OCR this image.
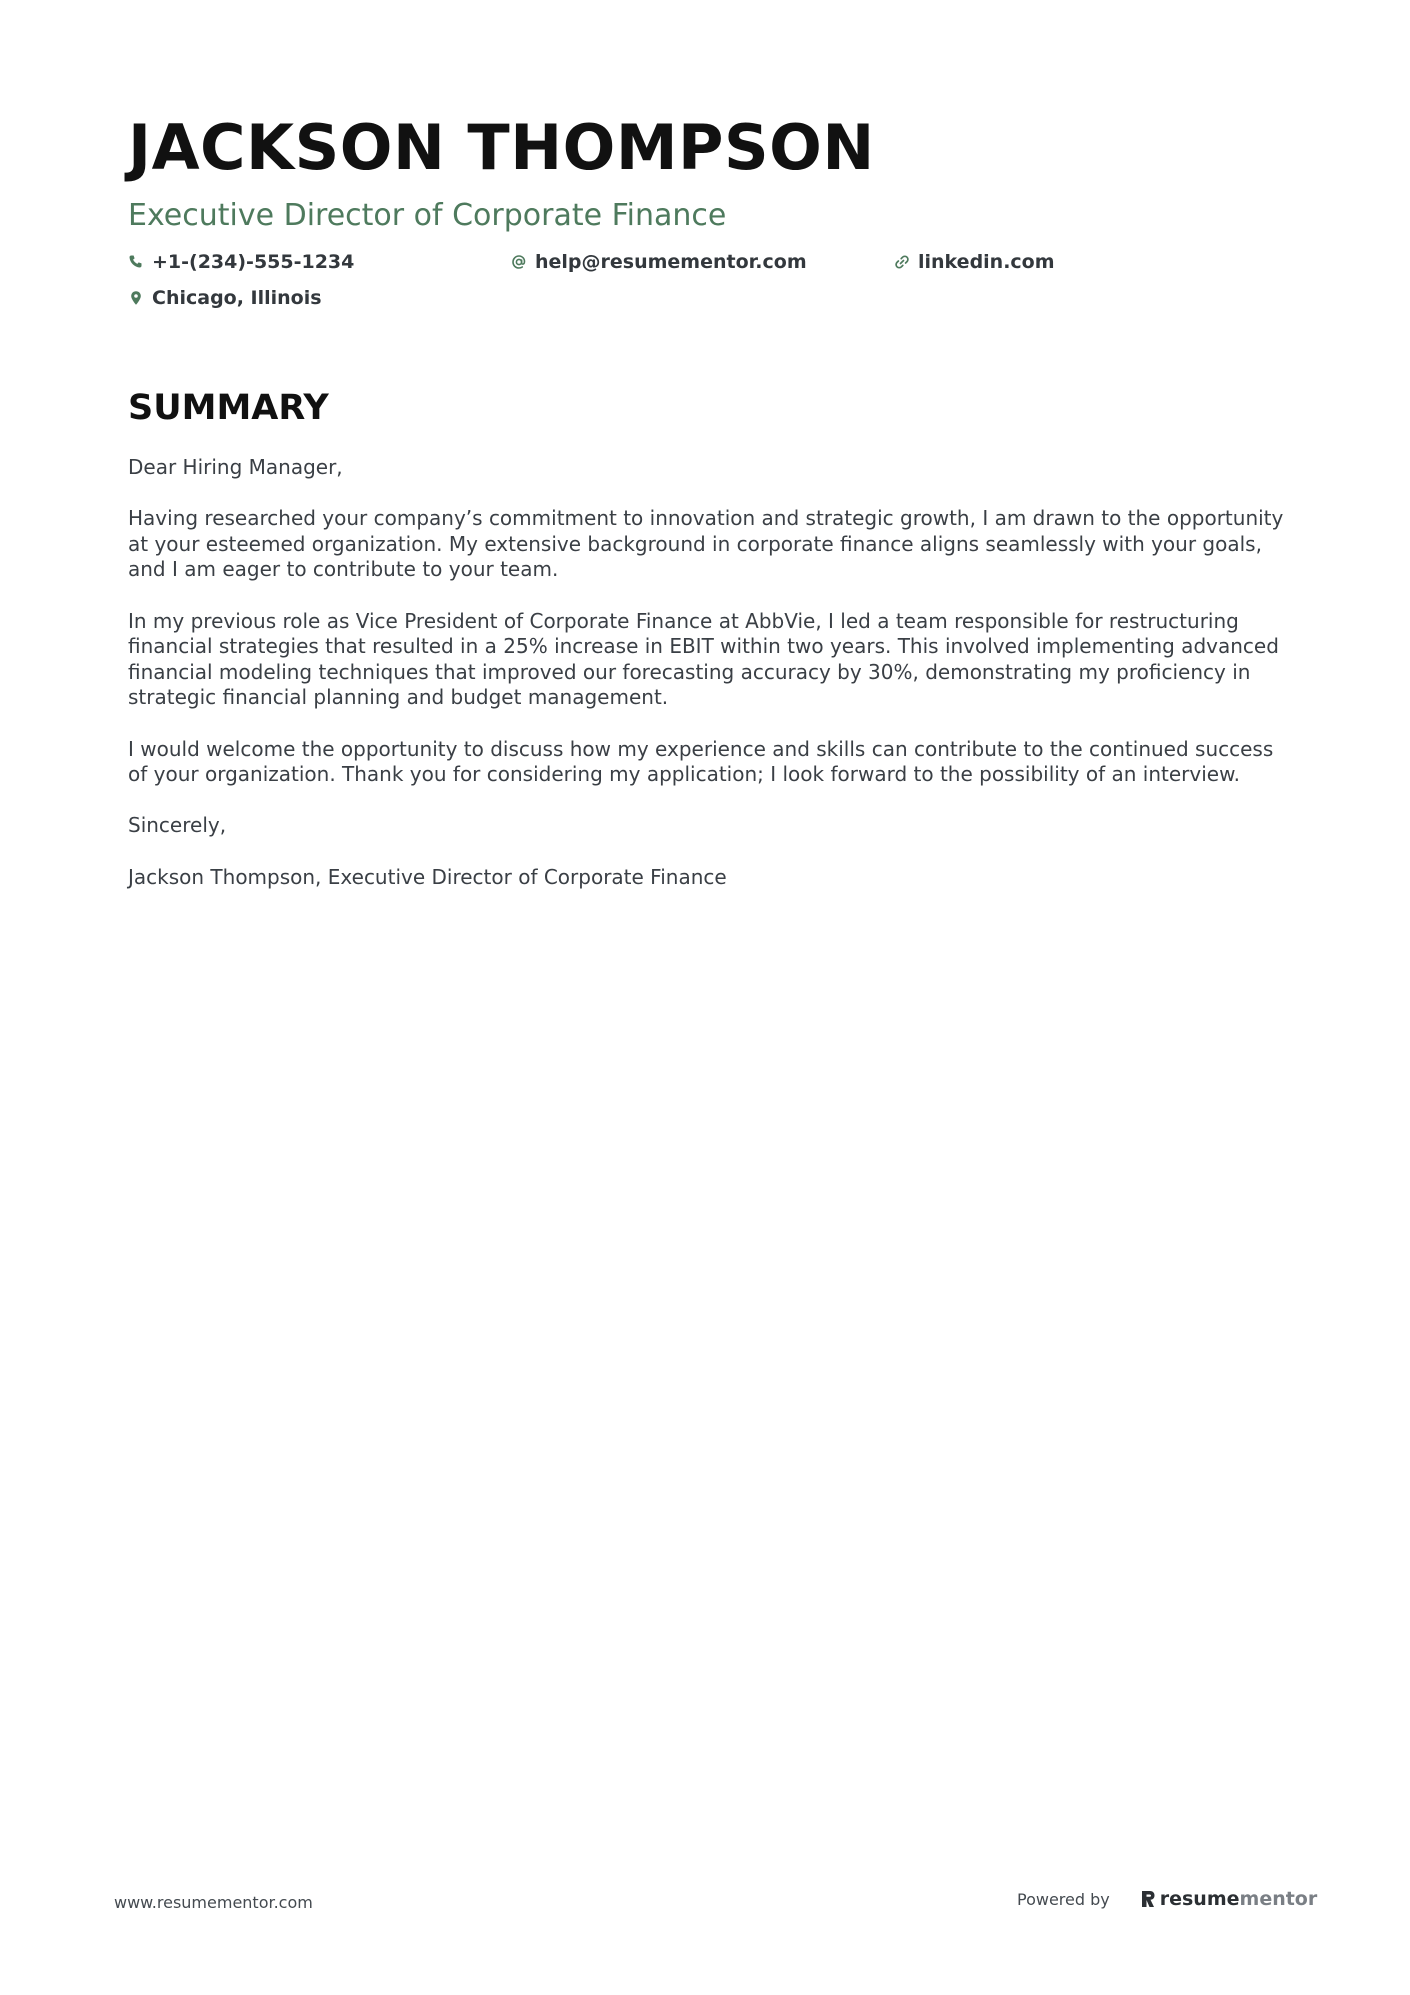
JACKSON THOMPSON
Executive Director of Corporate Finance
+1-(234)-555-1234	help@resumementor.com	linkedin.com
Chicago, Illinois
SUMMARY

Dear Hiring Manager,

Having researched your company’s commitment to innovation and strategic growth, I am drawn to the opportunity at your esteemed organization. My extensive background in corporate finance aligns seamlessly with your goals, and I am eager to contribute to your team.

In my previous role as Vice President of Corporate Finance at AbbVie, I led a team responsible for restructuring financial strategies that resulted in a 25% increase in EBIT within two years. This involved implementing advanced financial modeling techniques that improved our forecasting accuracy by 30%, demonstrating my proficiency in strategic financial planning and budget management.

I would welcome the opportunity to discuss how my experience and skills can contribute to the continued success of your organization. Thank you for considering my application; I look forward to the possibility of an interview.

Sincerely,

Jackson Thompson, Executive Director of Corporate Finance

www.resumementor.com	Powered by	resume mentor
